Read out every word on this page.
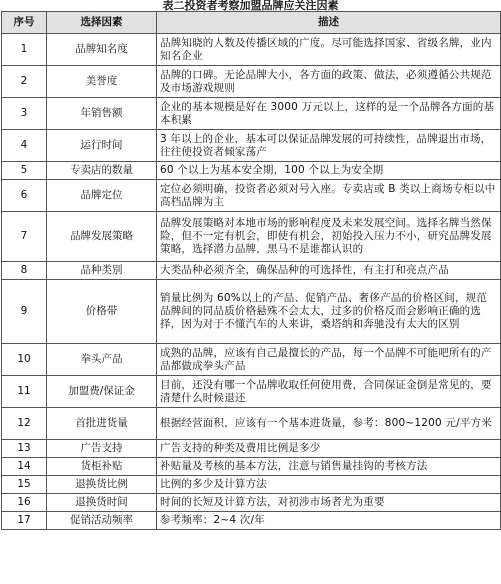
表二投资者考察加盟品牌应关注因素
序号	选择因素	描述
1	品牌知名度	品牌知晓的人数及传播区域的广度。尽可能选择国家、省级名牌，业内知名企业
2	美誉度	品牌的口碑。无论品牌大小，各方面的政策、做法，必须遵循公共规范及市场游戏规则
3	年销售额	企业的基本规模是好在 3000 万元以上，这样的是一个品牌各方面的基本积累
4	运行时间	3 年以上的企业，基本可以保证品牌发展的可持续性，品牌退出市场，往往使投资者倾家荡产
5	专卖店的数量	60 个以上为基本安全期，100 个以上为安全期
6	品牌定位	定位必须明确，投资者必须对号入座。专卖店或 B 类以上商场专柜以中高档品牌为主
7	品牌发展策略	品牌发展策略对本地市场的影响程度及未来发展空间。选择名牌当然保险，但不一定有机会，即使有机会，初始投入压力不小，研究品牌发展策略，选择潜力品牌，黑马不是谁都认识的
8	品种类别	大类品种必须齐全，确保品种的可选择性，有主打和亮点产品
9	价格带	销量比例为 60%以上的产品、促销产品、奢侈产品的价格区间，规范品牌间的同品质价格悬殊不会太大，过多的价格反而会影响正确的选择，因为对于不懂汽车的人来讲，桑塔纳和奔驰没有太大的区别
10	拳头产品	成熟的品牌，应该有自己最擅长的产品，每一个品牌不可能吧所有的产品都做成拳头产品
11	加盟费/保证金	目前，还没有哪一个品牌收取任何使用费，合同保证金倒是常见的，要清楚什么时候退还
12	首批进货量	根据经营面积，应该有一个基本进货量，参考：800~1200 元/平方米
13	广告支持	广告支持的种类及费用比例是多少
14	货柜补贴	补贴量及考核的基本方法，注意与销售量挂钩的考核方法
15	退换货比例	比例的多少及计算方法
16	退换货时间	时间的长短及计算方法，对初涉市场者尤为重要
17	促销活动频率	参考频率：2~4 次/年
